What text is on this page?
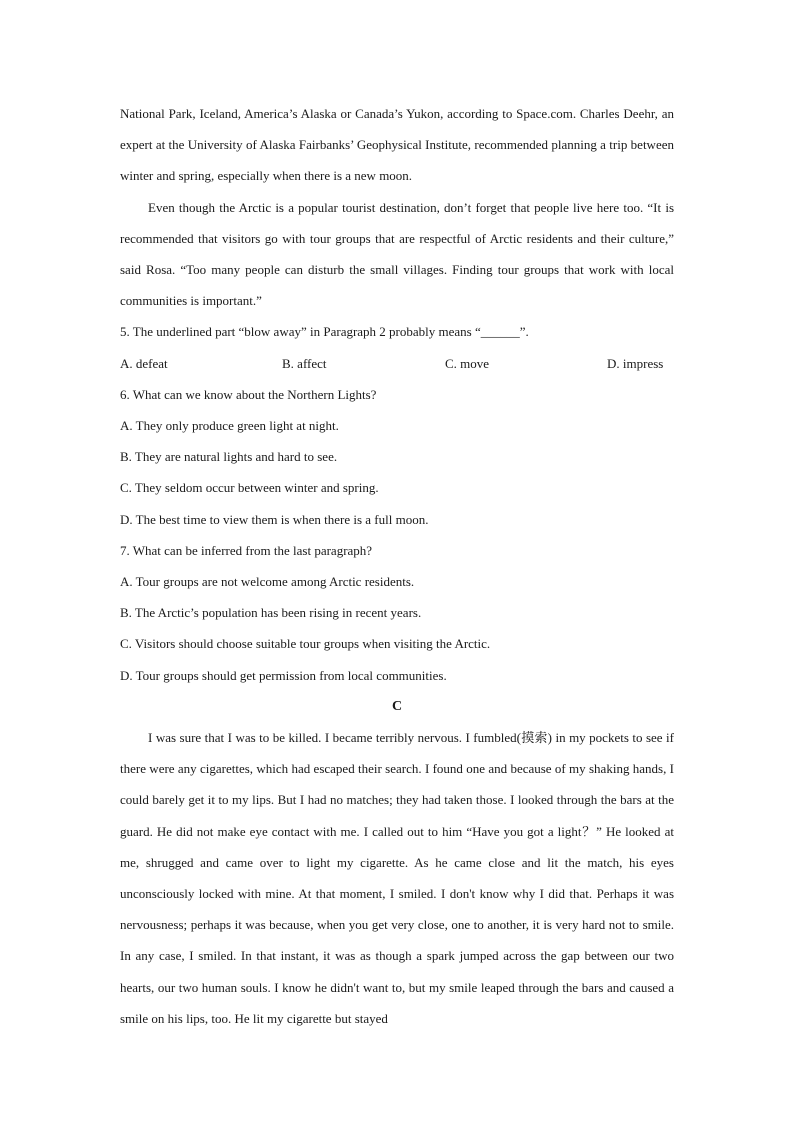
National Park, Iceland, America’s Alaska or Canada’s Yukon, according to Space.com. Charles Deehr, an expert at the University of Alaska Fairbanks’ Geophysical Institute, recommended planning a trip between winter and spring, especially when there is a new moon.

Even though the Arctic is a popular tourist destination, don’t forget that people live here too. “It is recommended that visitors go with tour groups that are respectful of Arctic residents and their culture,” said Rosa. “Too many people can disturb the small villages. Finding tour groups that work with local communities is important.”

5. The underlined part “blow away” in Paragraph 2 probably means “______”.

A. defeat	B. affect	C. move	D. impress

6. What can we know about the Northern Lights?

A. They only produce green light at night.

B. They are natural lights and hard to see.

C. They seldom occur between winter and spring.

D. The best time to view them is when there is a full moon.

7. What can be inferred from the last paragraph?

A. Tour groups are not welcome among Arctic residents.

B. The Arctic’s population has been rising in recent years.

C. Visitors should choose suitable tour groups when visiting the Arctic.

D. Tour groups should get permission from local communities.

C

I was sure that I was to be killed. I became terribly nervous. I fumbled(摸索) in my pockets to see if there were any cigarettes, which had escaped their search. I found one and because of my shaking hands, I could barely get it to my lips. But I had no matches; they had taken those. I looked through the bars at the guard. He did not make eye contact with me. I called out to him “Have you got a light？” He looked at me, shrugged and came over to light my cigarette. As he came close and lit the match, his eyes unconsciously locked with mine. At that moment, I smiled. I don't know why I did that. Perhaps it was nervousness; perhaps it was because, when you get very close, one to another, it is very hard not to smile. In any case, I smiled. In that instant, it was as though a spark jumped across the gap between our two hearts, our two human souls. I know he didn't want to, but my smile leaped through the bars and caused a smile on his lips, too. He lit my cigarette but stayed
